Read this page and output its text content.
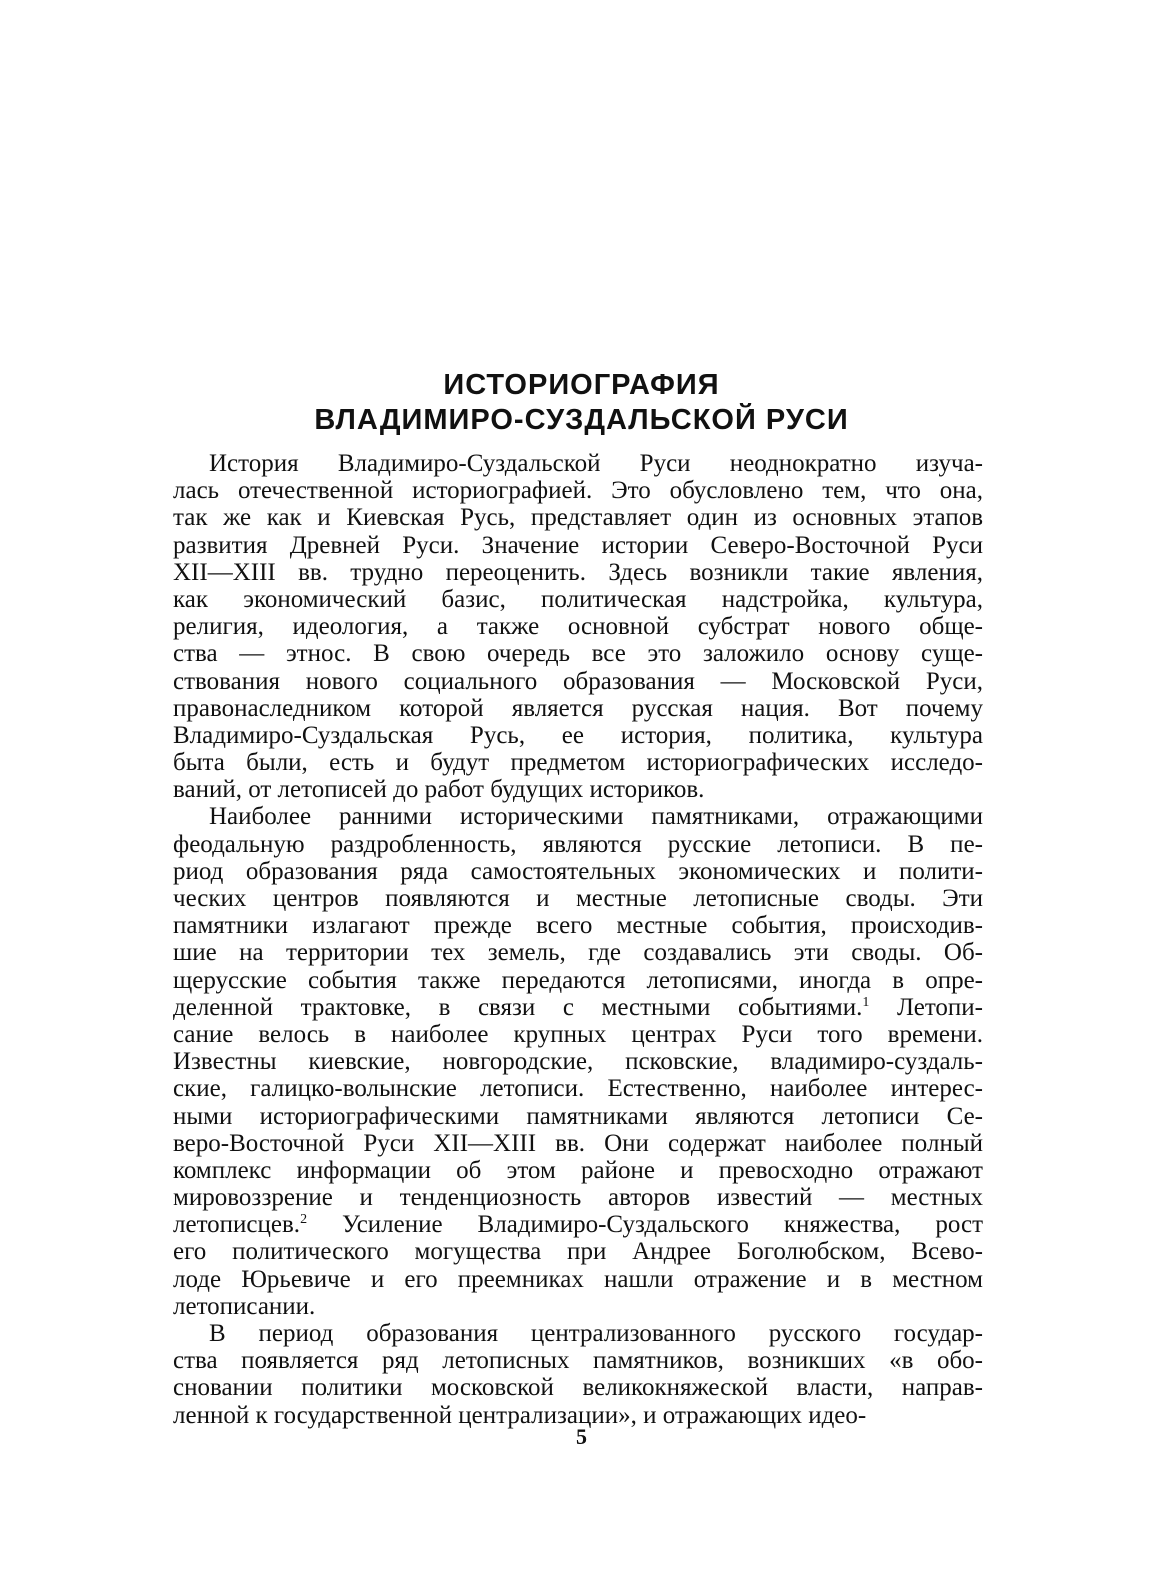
ИСТОРИОГРАФИЯ
ВЛАДИМИРО-СУЗДАЛЬСКОЙ РУСИ
История Владимиро-Суздальской Руси неоднократно изуча-
лась отечественной историографией. Это обусловлено тем, что она,
так же как и Киевская Русь, представляет один из основных этапов
развития Древней Руси. Значение истории Северо-Восточной Руси
XII—XIII вв. трудно переоценить. Здесь возникли такие явления,
как экономический базис, политическая надстройка, культура,
религия, идеология, а также основной субстрат нового обще-
ства — этнос. В свою очередь все это заложило основу суще-
ствования нового социального образования — Московской Руси,
правонаследником которой является русская нация. Вот почему
Владимиро-Суздальская Русь, ее история, политика, культура
быта были, есть и будут предметом историографических исследо-
ваний, от летописей до работ будущих историков.
Наиболее ранними историческими памятниками, отражающими
феодальную раздробленность, являются русские летописи. В пе-
риод образования ряда самостоятельных экономических и полити-
ческих центров появляются и местные летописные своды. Эти
памятники излагают прежде всего местные события, происходив-
шие на территории тех земель, где создавались эти своды. Об-
щерусские события также передаются летописями, иногда в опре-
деленной трактовке, в связи с местными событиями.$^1$ Летопи-
сание велось в наиболее крупных центрах Руси того времени.
Известны киевские, новгородские, псковские, владимиро-суздаль-
ские, галицко-волынские летописи. Естественно, наиболее интерес-
ными историографическими памятниками являются летописи Се-
веро-Восточной Руси XII—XIII вв. Они содержат наиболее полный
комплекс информации об этом районе и превосходно отражают
мировоззрение и тенденциозность авторов известий — местных
летописцев.$^2$ Усиление Владимиро-Суздальского княжества, рост
его политического могущества при Андрее Боголюбском, Всево-
лоде Юрьевиче и его преемниках нашли отражение и в местном
летописании.
В период образования централизованного русского государ-
ства появляется ряд летописных памятников, возникших «в обо-
сновании политики московской великокняжеской власти, направ-
ленной к государственной централизации», и отражающих идео-
5
